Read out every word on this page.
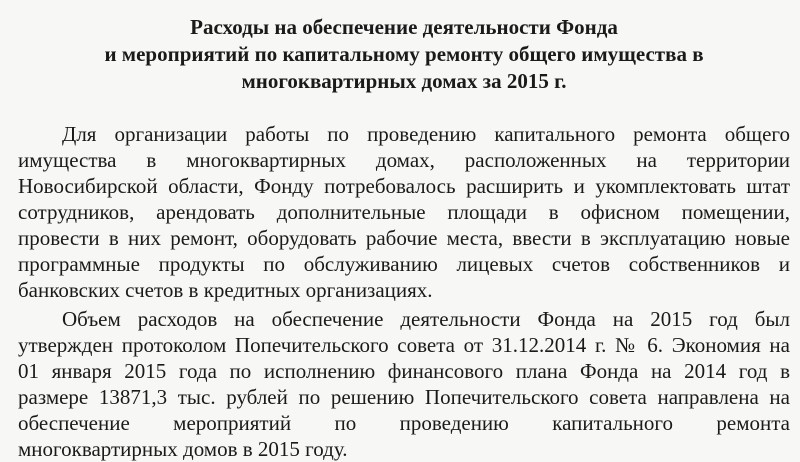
Расходы на обеспечение деятельности Фонда
и мероприятий по капитальному ремонту общего имущества в
многоквартирных домах за 2015 г.
Для организации работы по проведению капитального ремонта общего
имущества в многоквартирных домах, расположенных на территории
Новосибирской области, Фонду потребовалось расширить и укомплектовать штат
сотрудников, арендовать дополнительные площади в офисном помещении,
провести в них ремонт, оборудовать рабочие места, ввести в эксплуатацию новые
программные продукты по обслуживанию лицевых счетов собственников и
банковских счетов в кредитных организациях.
Объем расходов на обеспечение деятельности Фонда на 2015 год был
утвержден протоколом Попечительского совета от 31.12.2014 г. № 6. Экономия на
01 января 2015 года по исполнению финансового плана Фонда на 2014 год в
размере 13871,3 тыс. рублей по решению Попечительского совета направлена на
обеспечение мероприятий по проведению капитального ремонта
многоквартирных домов в 2015 году.
